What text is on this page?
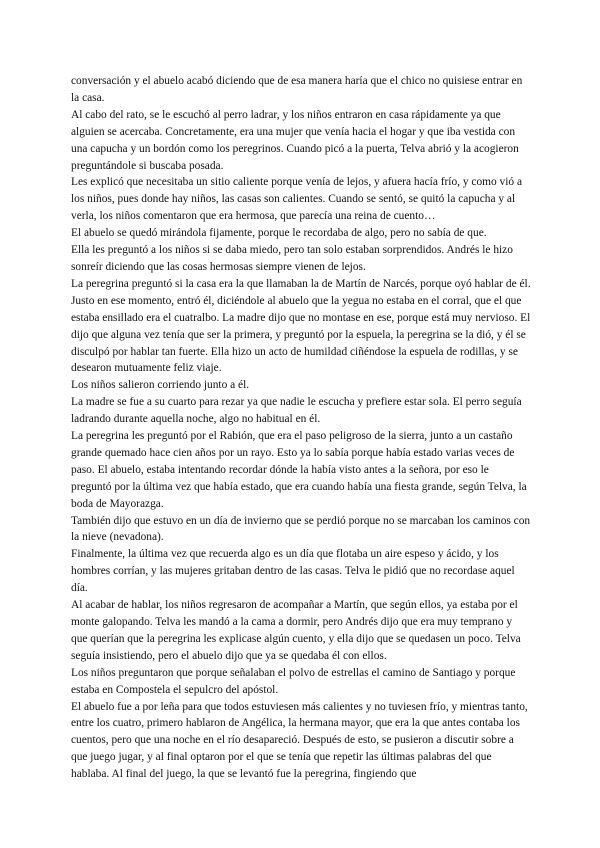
conversación y el abuelo acabó diciendo que de esa manera haría que el chico no quisiese entrar en la casa.

Al cabo del rato, se le escuchó al perro ladrar, y los niños entraron en casa rápidamente ya que alguien se acercaba. Concretamente, era una mujer que venía hacia el hogar y que iba vestida con una capucha y un bordón como los peregrinos. Cuando picó a la puerta, Telva abrió y la acogieron preguntándole si buscaba posada.

Les explicó que necesitaba un sitio caliente porque venía de lejos, y afuera hacía frío, y como vió a los niños, pues donde hay niños, las casas son calientes. Cuando se sentó, se quitó la capucha y al verla, los niños comentaron que era hermosa, que parecía una reina de cuento…

El abuelo se quedó mirándola fijamente, porque le recordaba de algo, pero no sabía de que.

Ella les preguntó a los niños si se daba miedo, pero tan solo estaban sorprendidos. Andrés le hizo sonreír diciendo que las cosas hermosas siempre vienen de lejos.

La peregrina preguntó si la casa era la que llamaban la de Martín de Narcés, porque oyó hablar de él. Justo en ese momento, entró él, diciéndole al abuelo que la yegua no estaba en el corral, que el que estaba ensillado era el cuatralbo. La madre dijo que no montase en ese, porque está muy nervioso. El dijo que alguna vez tenía que ser la primera, y preguntó por la espuela, la peregrina se la dió, y él se disculpó por hablar tan fuerte. Ella hizo un acto de humildad ciñéndose la espuela de rodillas, y se desearon mutuamente feliz viaje.

Los niños salieron corriendo junto a él.

La madre se fue a su cuarto para rezar ya que nadie le escucha y prefiere estar sola. El perro seguía ladrando durante aquella noche, algo no habitual en él.

La peregrina les preguntó por el Rabión, que era el paso peligroso de la sierra, junto a un castaño grande quemado hace cien años por un rayo. Esto ya lo sabía porque había estado varias veces de paso. El abuelo, estaba intentando recordar dónde la había visto antes a la señora, por eso le preguntó por la última vez que había estado, que era cuando había una fiesta grande, según Telva, la boda de Mayorazga.

También dijo que estuvo en un día de invierno que se perdió porque no se marcaban los caminos con la nieve (nevadona).

Finalmente, la última vez que recuerda algo es un día que flotaba un aire espeso y ácido, y los hombres corrían, y las mujeres gritaban dentro de las casas. Telva le pidió que no recordase aquel día.

Al acabar de hablar, los niños regresaron de acompañar a Martín, que según ellos, ya estaba por el monte galopando. Telva les mandó a la cama a dormir, pero Andrés dijo que era muy temprano y que querían que la peregrina les explicase algún cuento, y ella dijo que se quedasen un poco. Telva seguía insistiendo, pero el abuelo dijo que ya se quedaba él con ellos.

Los niños preguntaron que porque señalaban el polvo de estrellas el camino de Santiago y porque estaba en Compostela el sepulcro del apóstol.

El abuelo fue a por leña para que todos estuviesen más calientes y no tuviesen frío, y mientras tanto, entre los cuatro, primero hablaron de Angélica, la hermana mayor, que era la que antes contaba los cuentos, pero que una noche en el río desapareció. Después de esto, se pusieron a discutir sobre a que juego jugar, y al final optaron por el que se tenía que repetir las últimas palabras del que hablaba. Al final del juego, la que se levantó fue la peregrina, fingiendo que
